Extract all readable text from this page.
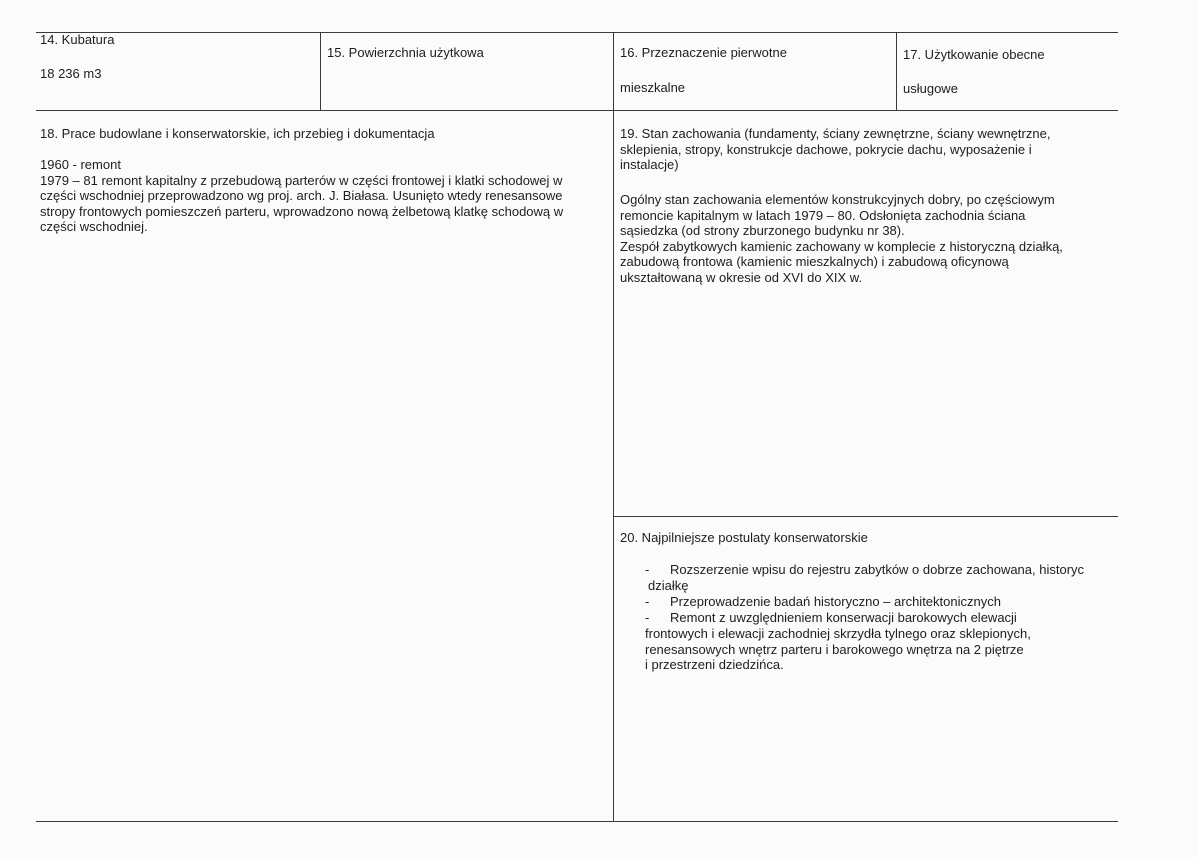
14. Kubatura
18 236 m3
15. Powierzchnia użytkowa	16. Przeznaczenie pierwotne
mieszkalne
17. Użytkowanie obecne
usługowe
18. Prace budowlane i konserwatorskie, ich przebieg i dokumentacja
1960 - remont
1979 – 81 remont kapitalny z przebudową parterów w części frontowej i klatki schodowej w
części wschodniej przeprowadzono wg proj. arch. J. Białasa. Usunięto wtedy renesansowe
stropy frontowych pomieszczeń parteru, wprowadzono nową żelbetową klatkę schodową w
części wschodniej.
19. Stan zachowania (fundamenty, ściany zewnętrzne, ściany wewnętrzne,
sklepienia, stropy, konstrukcje dachowe, pokrycie dachu, wyposażenie i
instalacje)
Ogólny stan zachowania elementów konstrukcyjnych dobry, po częściowym
remoncie kapitalnym w latach 1979 – 80. Odsłonięta zachodnia ściana
sąsiedzka (od strony zburzonego budynku nr 38).
Zespół zabytkowych kamienic zachowany w komplecie z historyczną działką,
zabudową frontowa (kamienic mieszkalnych) i zabudową oficynową
ukształtowaną w okresie od XVI do XIX w.
20. Najpilniejsze postulaty konserwatorskie
- Rozszerzenie wpisu do rejestru zabytków o dobrze zachowana, historyc
działkę
- Przeprowadzenie badań historyczno – architektonicznych
- Remont z uwzględnieniem konserwacji barokowych elewacji
frontowych i elewacji zachodniej skrzydła tylnego oraz sklepionych,
renesansowych wnętrz parteru i barokowego wnętrza na 2 piętrze
i przestrzeni dziedzińca.
